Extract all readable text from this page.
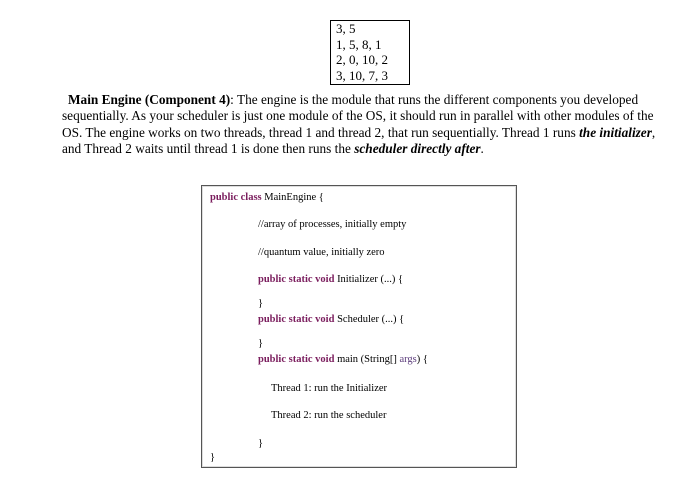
3, 5
1, 5, 8, 1
2, 0, 10, 2
3, 10, 7, 3
Main Engine (Component 4): The engine is the module that runs the different components you developed sequentially. As your scheduler is just one module of the OS, it should run in parallel with other modules of the OS. The engine works on two threads, thread 1 and thread 2, that run sequentially. Thread 1 runs the initializer, and Thread 2 waits until thread 1 is done then runs the scheduler directly after.
public class MainEngine {
//array of processes, initially empty
//quantum value, initially zero
public static void Initializer (...) {
}
public static void Scheduler (...) {
}
public static void main (String[] args) {
Thread 1: run the Initializer
Thread 2: run the scheduler
}
}
